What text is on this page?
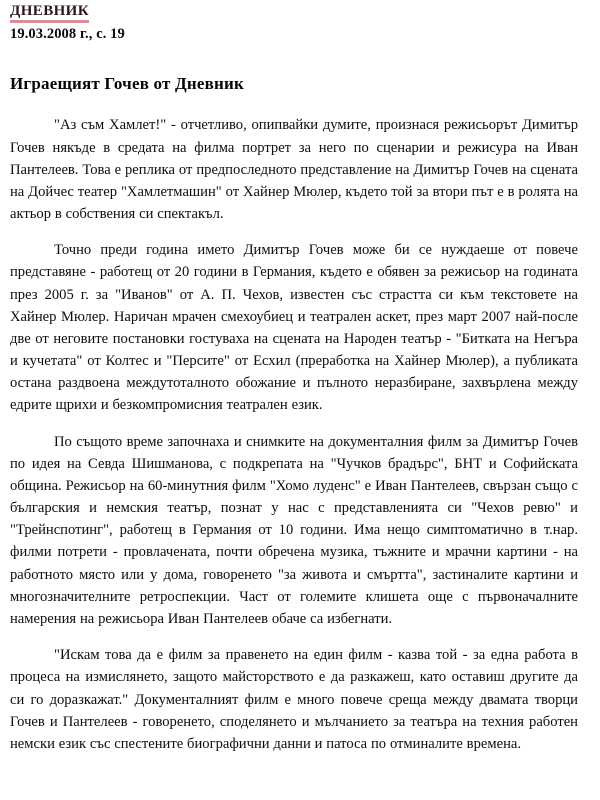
ДНЕВНИК
19.03.2008 г., с. 19
Играещият Гочев от Дневник

"Аз съм Хамлет!" - отчетливо, опипвайки думите, произнася режисьорът Димитър Гочев някъде в средата на филма портрет за него по сценарии и режисура на Иван Пантелеев. Това е реплика от предпоследното представление на Димитър Гочев на сцената на Дойчес театер "Хамлетмашин" от Хайнер Мюлер, където той за втори път е в ролята на актьор в собствения си спектакъл.

Точно преди година името Димитър Гочев може би се нуждаеше от повече представяне - работещ от 20 години в Германия, където е обявен за режисьор на годината през 2005 г. за "Иванов" от А. П. Чехов, известен със страстта си към текстовете на Хайнер Мюлер. Наричан мрачен смехоубиец и театрален аскет, през март 2007 най-после две от неговите постановки гостуваха на сцената на Народен театър - "Битката на Негъра и кучетата" от Колтес и "Персите" от Есхил (преработка на Хайнер Мюлер), а публиката остана раздвоена междутоталното обожание и пълното неразбиране, захвърлена между едрите щрихи и безкомпромисния театрален език.

По същото време започнаха и снимките на документалния филм за Димитър Гочев по идея на Севда Шишманова, с подкрепата на "Чучков брадърс", БНТ и Софийската община. Режисьор на 60-минутния филм "Хомо луденс" е Иван Пантелеев, свързан също с българския и немския театър, познат у нас с представленията си "Чехов ревю" и "Трейнспотинг", работещ в Германия от 10 години. Има нещо симптоматично в т.нар. филми потрети - провлачената, почти обречена музика, тъжните и мрачни картини - на работното място или у дома, говоренето "за живота и смъртта", застиналите картини и многозначителните ретроспекции. Част от големите клишета още с първоначалните намерения на режисьора Иван Пантелеев обаче са избегнати.

"Искам това да е филм за правенето на един филм - казва той - за една работа в процеса на измислянето, защото майсторството е да разкажеш, като оставиш другите да си го доразкажат." Документалният филм е много повече среща между двамата творци Гочев и Пантелеев - говоренето, споделянето и мълчанието за театъра на техния работен немски език със спестените биографични данни и патоса по отминалите времена.
